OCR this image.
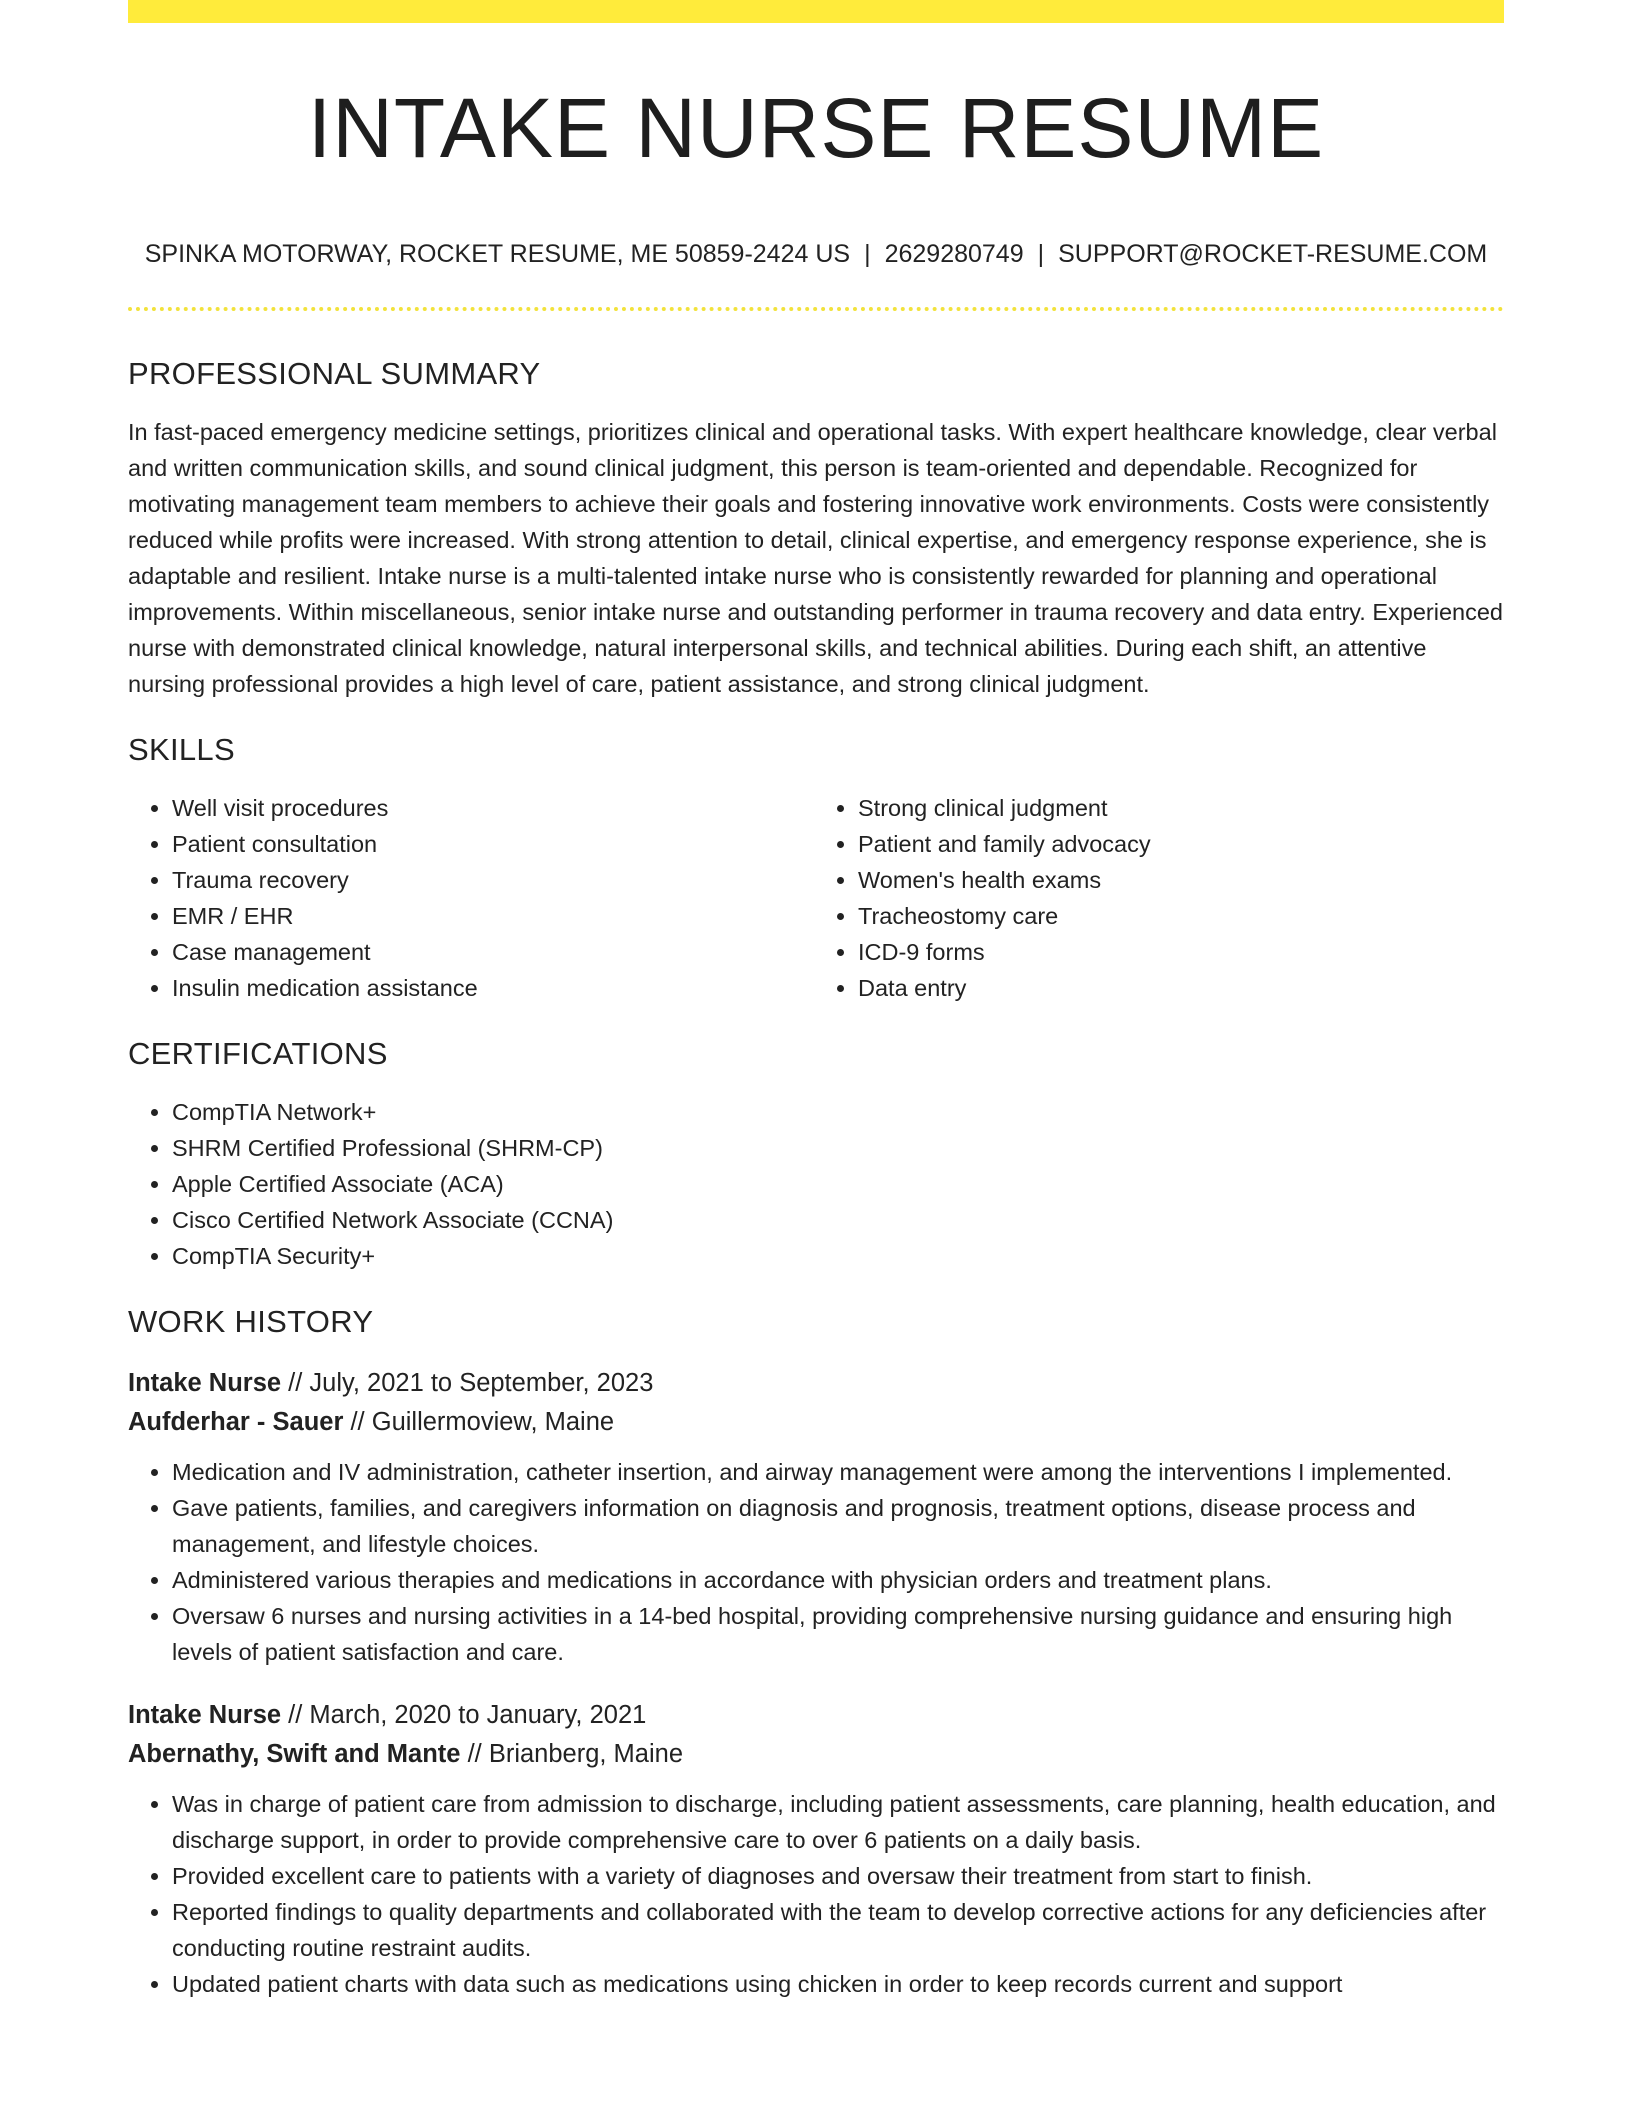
INTAKE NURSE RESUME
SPINKA MOTORWAY, ROCKET RESUME, ME 50859-2424 US | 2629280749 | SUPPORT@ROCKET-RESUME.COM
PROFESSIONAL SUMMARY

In fast-paced emergency medicine settings, prioritizes clinical and operational tasks. With expert healthcare knowledge, clear verbal and written communication skills, and sound clinical judgment, this person is team-oriented and dependable. Recognized for motivating management team members to achieve their goals and fostering innovative work environments. Costs were consistently reduced while profits were increased. With strong attention to detail, clinical expertise, and emergency response experience, she is adaptable and resilient. Intake nurse is a multi-talented intake nurse who is consistently rewarded for planning and operational improvements. Within miscellaneous, senior intake nurse and outstanding performer in trauma recovery and data entry. Experienced nurse with demonstrated clinical knowledge, natural interpersonal skills, and technical abilities. During each shift, an attentive nursing professional provides a high level of care, patient assistance, and strong clinical judgment.

SKILLS
• Well visit procedures
• Patient consultation
• Trauma recovery
• EMR / EHR
• Case management
• Insulin medication assistance
• Strong clinical judgment
• Patient and family advocacy
• Women's health exams
• Tracheostomy care
• ICD-9 forms
• Data entry
CERTIFICATIONS
• CompTIA Network+
• SHRM Certified Professional (SHRM-CP)
• Apple Certified Associate (ACA)
• Cisco Certified Network Associate (CCNA)
• CompTIA Security+
WORK HISTORY
Intake Nurse // July, 2021 to September, 2023
Aufderhar - Sauer // Guillermoview, Maine
• Medication and IV administration, catheter insertion, and airway management were among the interventions I implemented.
• Gave patients, families, and caregivers information on diagnosis and prognosis, treatment options, disease process and management, and lifestyle choices.
• Administered various therapies and medications in accordance with physician orders and treatment plans.
• Oversaw 6 nurses and nursing activities in a 14-bed hospital, providing comprehensive nursing guidance and ensuring high levels of patient satisfaction and care.
Intake Nurse // March, 2020 to January, 2021
Abernathy, Swift and Mante // Brianberg, Maine
• Was in charge of patient care from admission to discharge, including patient assessments, care planning, health education, and discharge support, in order to provide comprehensive care to over 6 patients on a daily basis.
• Provided excellent care to patients with a variety of diagnoses and oversaw their treatment from start to finish.
• Reported findings to quality departments and collaborated with the team to develop corrective actions for any deficiencies after conducting routine restraint audits.
• Updated patient charts with data such as medications using chicken in order to keep records current and support
